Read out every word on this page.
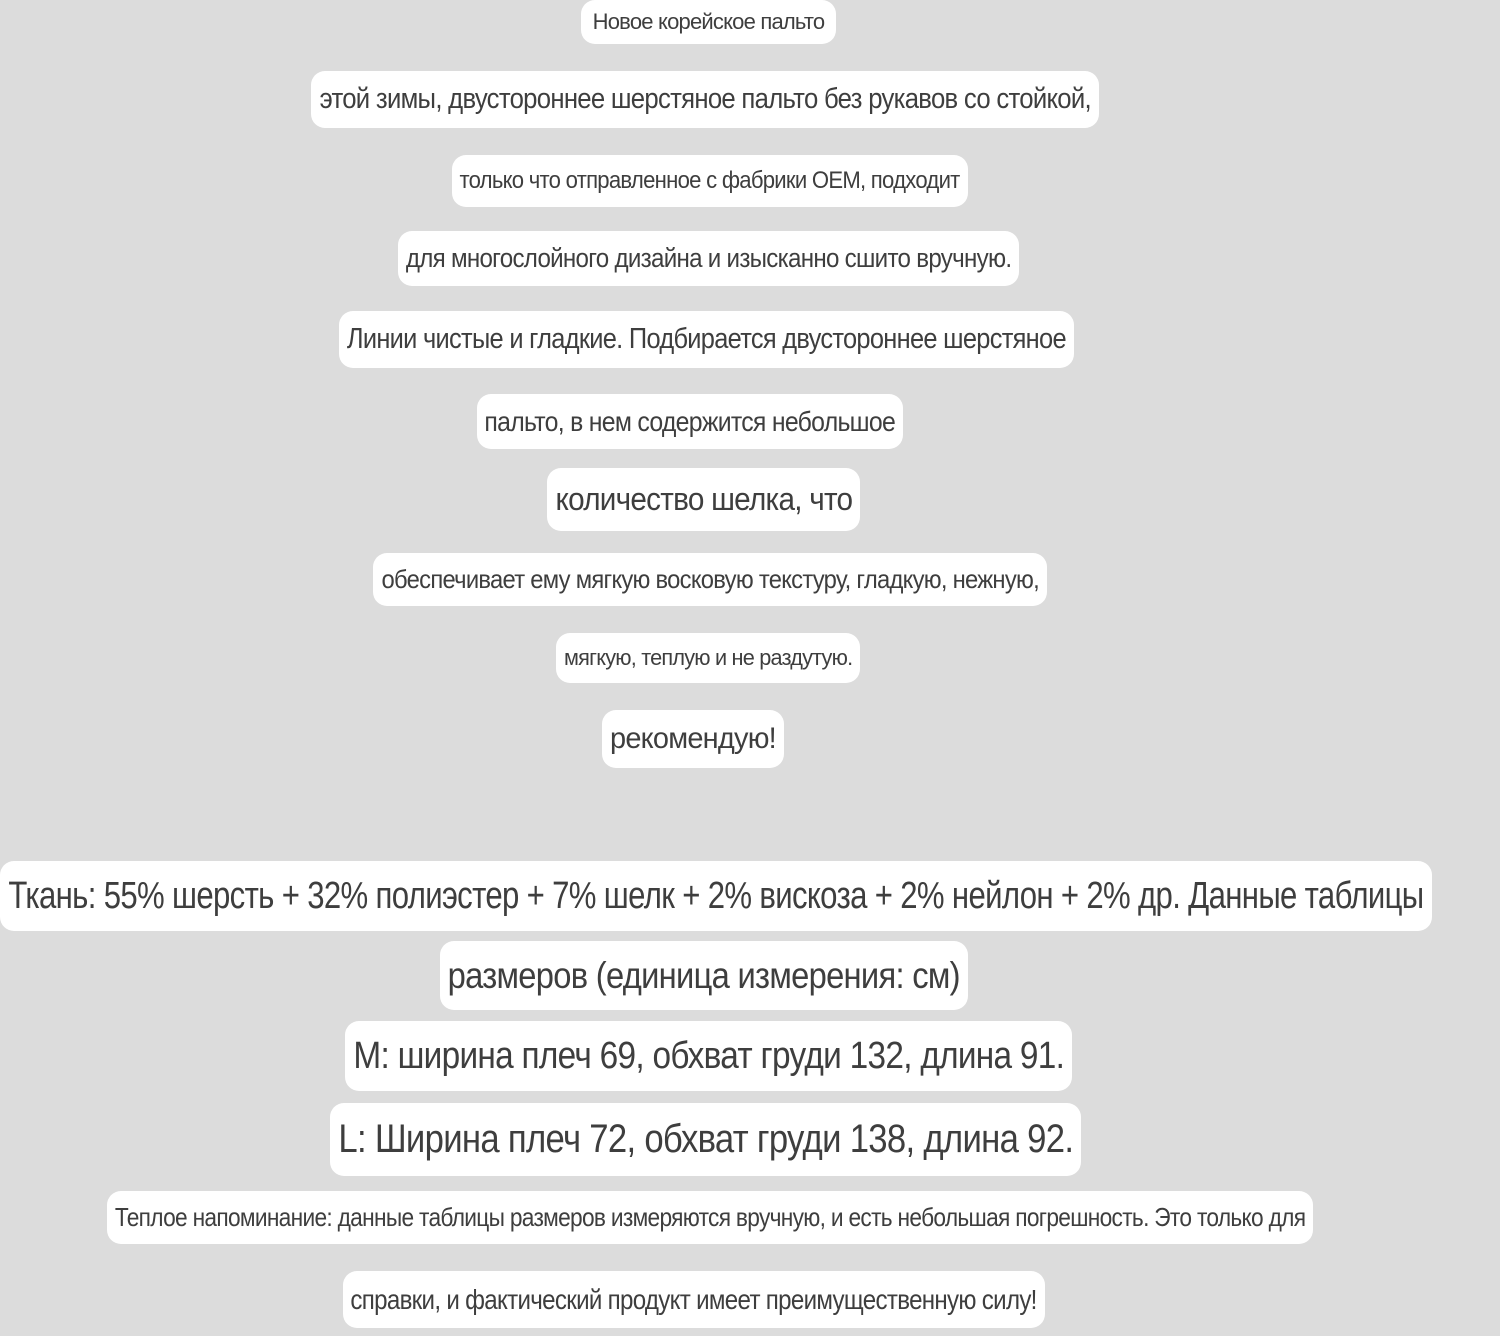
Новое корейское пальто
этой зимы, двустороннее шерстяное пальто без рукавов со стойкой,
только что отправленное с фабрики OEM, подходит
для многослойного дизайна и изысканно сшито вручную.
Линии чистые и гладкие. Подбирается двустороннее шерстяное
пальто, в нем содержится небольшое
количество шелка, что
обеспечивает ему мягкую восковую текстуру, гладкую, нежную,
мягкую, теплую и не раздутую.
рекомендую!
Ткань: 55% шерсть + 32% полиэстер + 7% шелк + 2% вискоза + 2% нейлон + 2% др. Данные таблицы
размеров (единица измерения: см)
M: ширина плеч 69, обхват груди 132, длина 91.
L: Ширина плеч 72, обхват груди 138, длина 92.
Теплое напоминание: данные таблицы размеров измеряются вручную, и есть небольшая погрешность. Это только для
справки, и фактический продукт имеет преимущественную силу!
